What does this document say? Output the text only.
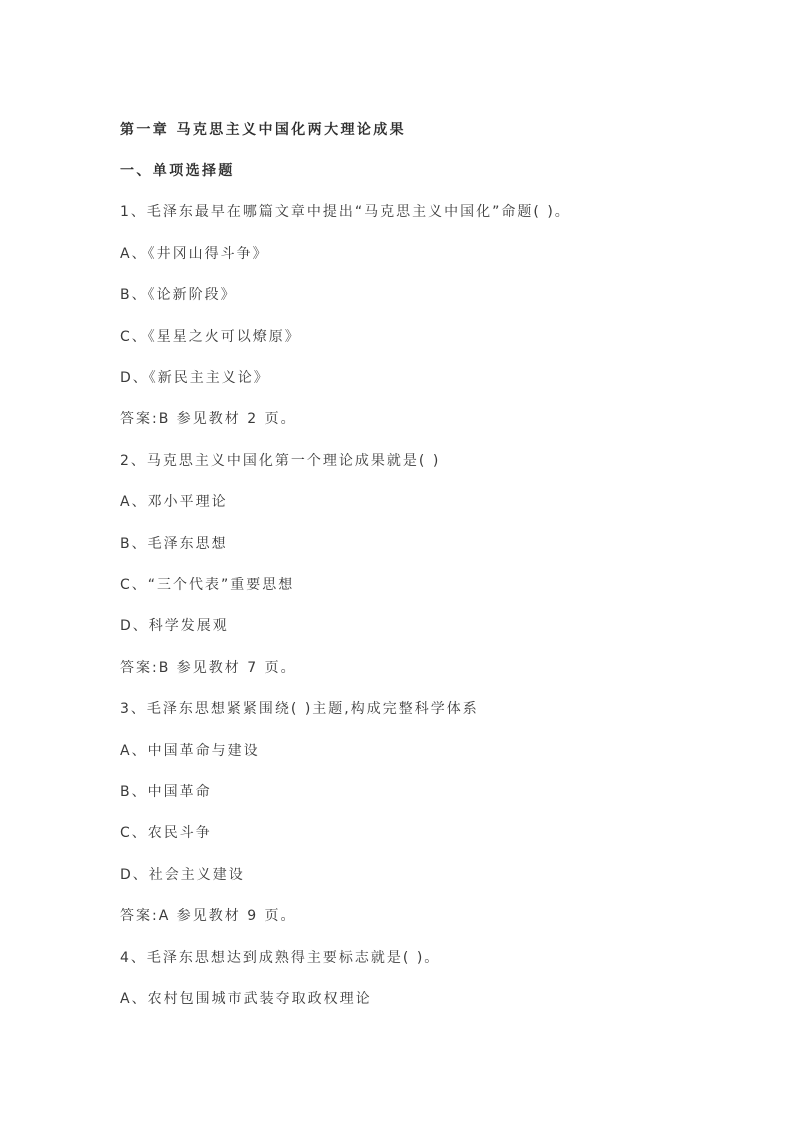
第一章 马克思主义中国化两大理论成果
一、单项选择题
1、毛泽东最早在哪篇文章中提出“马克思主义中国化”命题( )。
A、《井冈山得斗争》
B、《论新阶段》
C、《星星之火可以燎原》
D、《新民主主义论》
答案:B 参见教材 2 页。
2、马克思主义中国化第一个理论成果就是( )
A、邓小平理论
B、毛泽东思想
C、“三个代表”重要思想
D、科学发展观
答案:B 参见教材 7 页。
3、毛泽东思想紧紧围绕( )主题,构成完整科学体系
A、中国革命与建设
B、中国革命
C、农民斗争
D、社会主义建设
答案:A 参见教材 9 页。
4、毛泽东思想达到成熟得主要标志就是( )。
A、农村包围城市武装夺取政权理论
